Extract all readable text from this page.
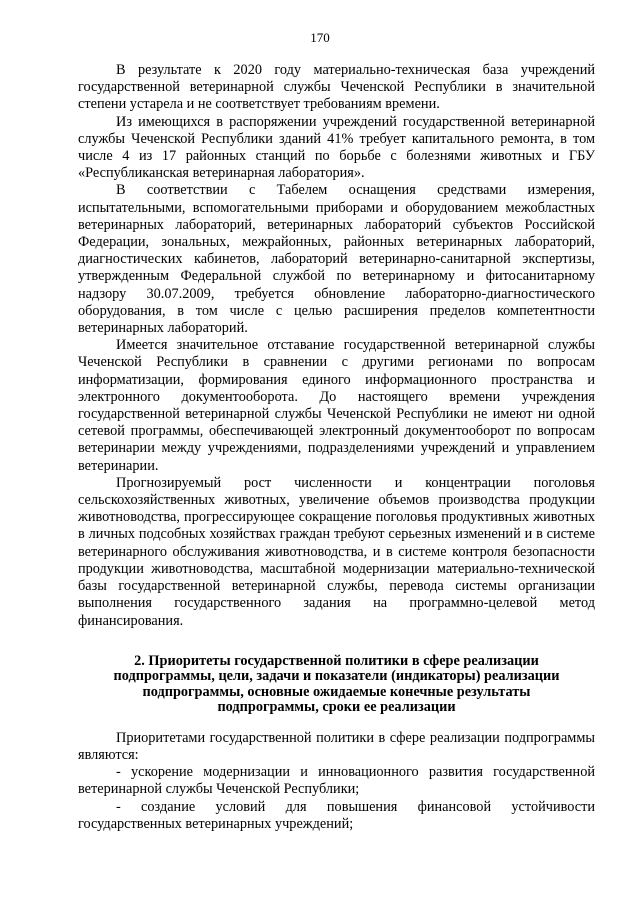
170

В результате к 2020 году материально-техническая база учреждений государственной ветеринарной службы Чеченской Республики в значительной степени устарела и не соответствует требованиям времени.

Из имеющихся в распоряжении учреждений государственной ветеринарной службы Чеченской Республики зданий 41% требует капитального ремонта, в том числе 4 из 17 районных станций по борьбе с болезнями животных и ГБУ «Республиканская ветеринарная лаборатория».

В соответствии с Табелем оснащения средствами измерения, испытательными, вспомогательными приборами и оборудованием межобластных ветеринарных лабораторий, ветеринарных лабораторий субъектов Российской Федерации, зональных, межрайонных, районных ветеринарных лабораторий, диагностических кабинетов, лабораторий ветеринарно-санитарной экспертизы, утвержденным Федеральной службой по ветеринарному и фитосанитарному надзору 30.07.2009, требуется обновление лабораторно-диагностического оборудования, в том числе с целью расширения пределов компетентности ветеринарных лабораторий.

Имеется значительное отставание государственной ветеринарной службы Чеченской Республики в сравнении с другими регионами по вопросам информатизации, формирования единого информационного пространства и электронного документооборота. До настоящего времени учреждения государственной ветеринарной службы Чеченской Республики не имеют ни одной сетевой программы, обеспечивающей электронный документооборот по вопросам ветеринарии между учреждениями, подразделениями учреждений и управлением ветеринарии.

Прогнозируемый рост численности и концентрации поголовья сельскохозяйственных животных, увеличение объемов производства продукции животноводства, прогрессирующее сокращение поголовья продуктивных животных в личных подсобных хозяйствах граждан требуют серьезных изменений и в системе ветеринарного обслуживания животноводства, и в системе контроля безопасности продукции животноводства, масштабной модернизации материально-технической базы государственной ветеринарной службы, перевода системы организации выполнения государственного задания на программно-целевой метод финансирования.

2. Приоритеты государственной политики в сфере реализации
подпрограммы, цели, задачи и показатели (индикаторы) реализации
подпрограммы, основные ожидаемые конечные результаты
подпрограммы, сроки ее реализации

Приоритетами государственной политики в сфере реализации подпрограммы являются:

- ускорение модернизации и инновационного развития государственной ветеринарной службы Чеченской Республики;

- создание условий для повышения финансовой устойчивости государственных ветеринарных учреждений;
